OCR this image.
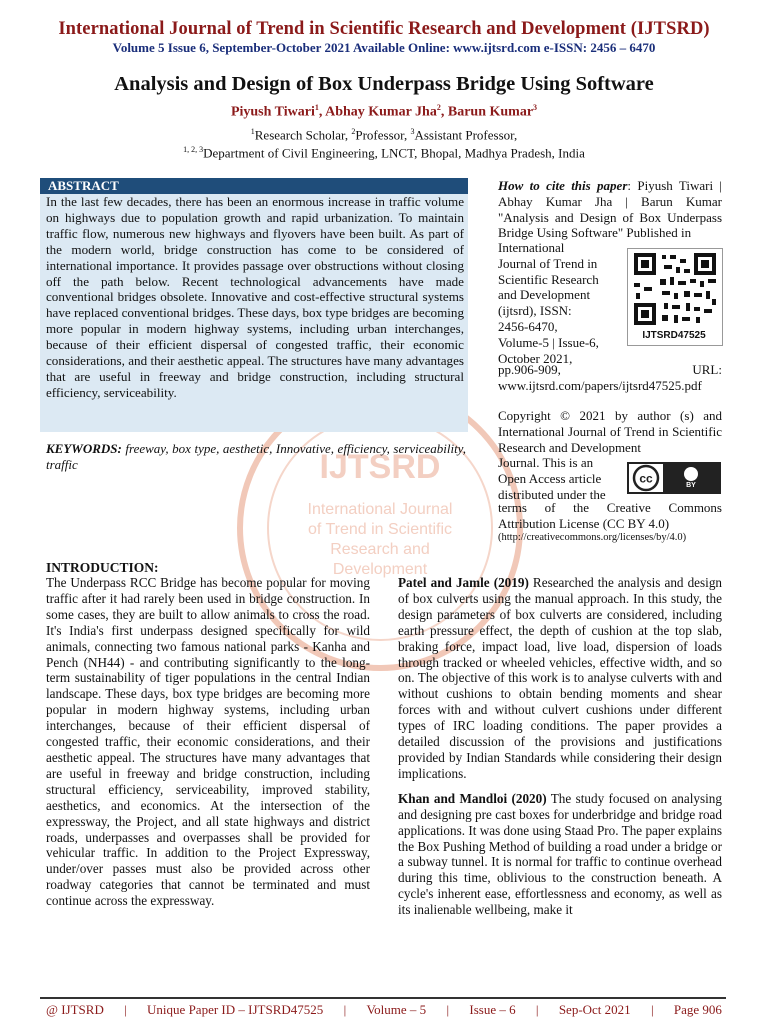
International Journal of Trend in Scientific Research and Development (IJTSRD)
Volume 5 Issue 6, September-October 2021 Available Online: www.ijtsrd.com e-ISSN: 2456 – 6470
Analysis and Design of Box Underpass Bridge Using Software
Piyush Tiwari$^1$, Abhay Kumar Jha$^2$, Barun Kumar$^3$
$^1$Research Scholar, $^2$Professor, $^3$Assistant Professor,
$^{1, 2, 3}$Department of Civil Engineering, LNCT, Bhopal, Madhya Pradesh, India
IJTSRD
International Journal
of Trend in Scientific
Research and
Development
ABSTRACT
In the last few decades, there has been an enormous increase in traffic volume on highways due to population growth and rapid urbanization. To maintain traffic flow, numerous new highways and flyovers have been built. As part of the modern world, bridge construction has come to be considered of international importance. It provides passage over obstructions without closing off the path below. Recent technological advancements have made conventional bridges obsolete. Innovative and cost-effective structural systems have replaced conventional bridges. These days, box type bridges are becoming more popular in modern highway systems, including urban interchanges, because of their efficient dispersal of congested traffic, their economic considerations, and their aesthetic appeal. The structures have many advantages that are useful in freeway and bridge construction, including structural efficiency, serviceability.
KEYWORDS: freeway, box type, aesthetic, Innovative, efficiency, serviceability, traffic
How to cite this paper: Piyush Tiwari | Abhay Kumar Jha | Barun Kumar "Analysis and Design of Box Underpass Bridge Using Software" Published in
International
Journal of Trend in
Scientific Research
and Development
(ijtsrd), ISSN:
2456-6470,
Volume-5 | Issue-6,
October 2021,
IJTSRD47525
pp.906-909,	URL:
www.ijtsrd.com/papers/ijtsrd47525.pdf
Copyright © 2021 by author (s) and International Journal of Trend in Scientific Research and Development
Journal. This is an
Open Access article
distributed under the
cc	BY
terms of the Creative Commons Attribution License (CC BY 4.0)
(http://creativecommons.org/licenses/by/4.0)
INTRODUCTION:
The Underpass RCC Bridge has become popular for moving traffic after it had rarely been used in bridge construction. In some cases, they are built to allow animals to cross the road. It's India's first underpass designed specifically for wild animals, connecting two famous national parks - Kanha and Pench (NH44) - and contributing significantly to the long-term sustainability of tiger populations in the central Indian landscape. These days, box type bridges are becoming more popular in modern highway systems, including urban interchanges, because of their efficient dispersal of congested traffic, their economic considerations, and their aesthetic appeal. The structures have many advantages that are useful in freeway and bridge construction, including structural efficiency, serviceability, improved stability, aesthetics, and economics. At the intersection of the expressway, the Project, and all state highways and district roads, underpasses and overpasses shall be provided for vehicular traffic. In addition to the Project Expressway, under/over passes must also be provided across other roadway categories that cannot be terminated and must continue across the expressway.

Patel and Jamle (2019) Researched the analysis and design of box culverts using the manual approach. In this study, the design parameters of box culverts are considered, including earth pressure effect, the depth of cushion at the top slab, braking force, impact load, live load, dispersion of loads through tracked or wheeled vehicles, effective width, and so on. The objective of this work is to analyse culverts with and without cushions to obtain bending moments and shear forces with and without culvert cushions under different types of IRC loading conditions. The paper provides a detailed discussion of the provisions and justifications provided by Indian Standards while considering their design implications.

Khan and Mandloi (2020) The study focused on analysing and designing pre cast boxes for underbridge and bridge road applications. It was done using Staad Pro. The paper explains the Box Pushing Method of building a road under a bridge or a subway tunnel. It is normal for traffic to continue overhead during this time, oblivious to the construction beneath. A cycle's inherent ease, effortlessness and economy, as well as its inalienable wellbeing, make it

@ IJTSRD | Unique Paper ID – IJTSRD47525 | Volume – 5 | Issue – 6 | Sep-Oct 2021 | Page 906
